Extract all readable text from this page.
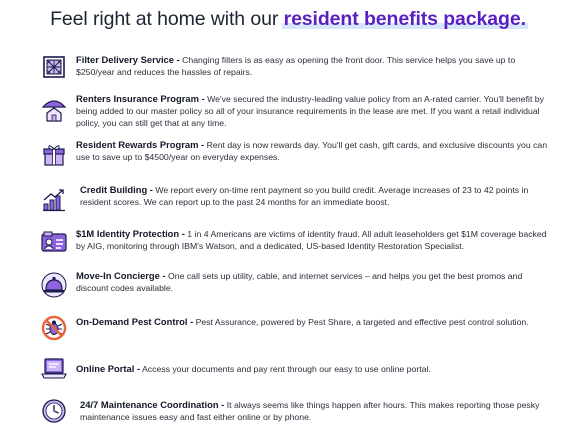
Feel right at home with our resident benefits package.
Filter Delivery Service - Changing filters is as easy as opening the front door. This service helps you save up to $250/year and reduces the hassles of repairs.
Renters Insurance Program - We've secured the industry-leading value policy from an A-rated carrier. You'll benefit by being added to our master policy so all of your insurance requirements in the lease are met. If you want a retail individual policy, you can still get that at any time.
Resident Rewards Program - Rent day is now rewards day. You'll get cash, gift cards, and exclusive discounts you can use to save up to $4500/year on everyday expenses.
Credit Building - We report every on-time rent payment so you build credit. Average increases of 23 to 42 points in resident scores. We can report up to the past 24 months for an immediate boost.
$1M Identity Protection - 1 in 4 Americans are victims of identity fraud. All adult leaseholders get $1M coverage backed by AIG, monitoring through IBM's Watson, and a dedicated, US-based Identity Restoration Specialist.
Move-In Concierge - One call sets up utility, cable, and internet services – and helps you get the best promos and discount codes available.
On-Demand Pest Control - Pest Assurance, powered by Pest Share, a targeted and effective pest control solution.
Online Portal - Access your documents and pay rent through our easy to use online portal.
24/7 Maintenance Coordination - It always seems like things happen after hours. This makes reporting those pesky maintenance issues easy and fast either online or by phone.
